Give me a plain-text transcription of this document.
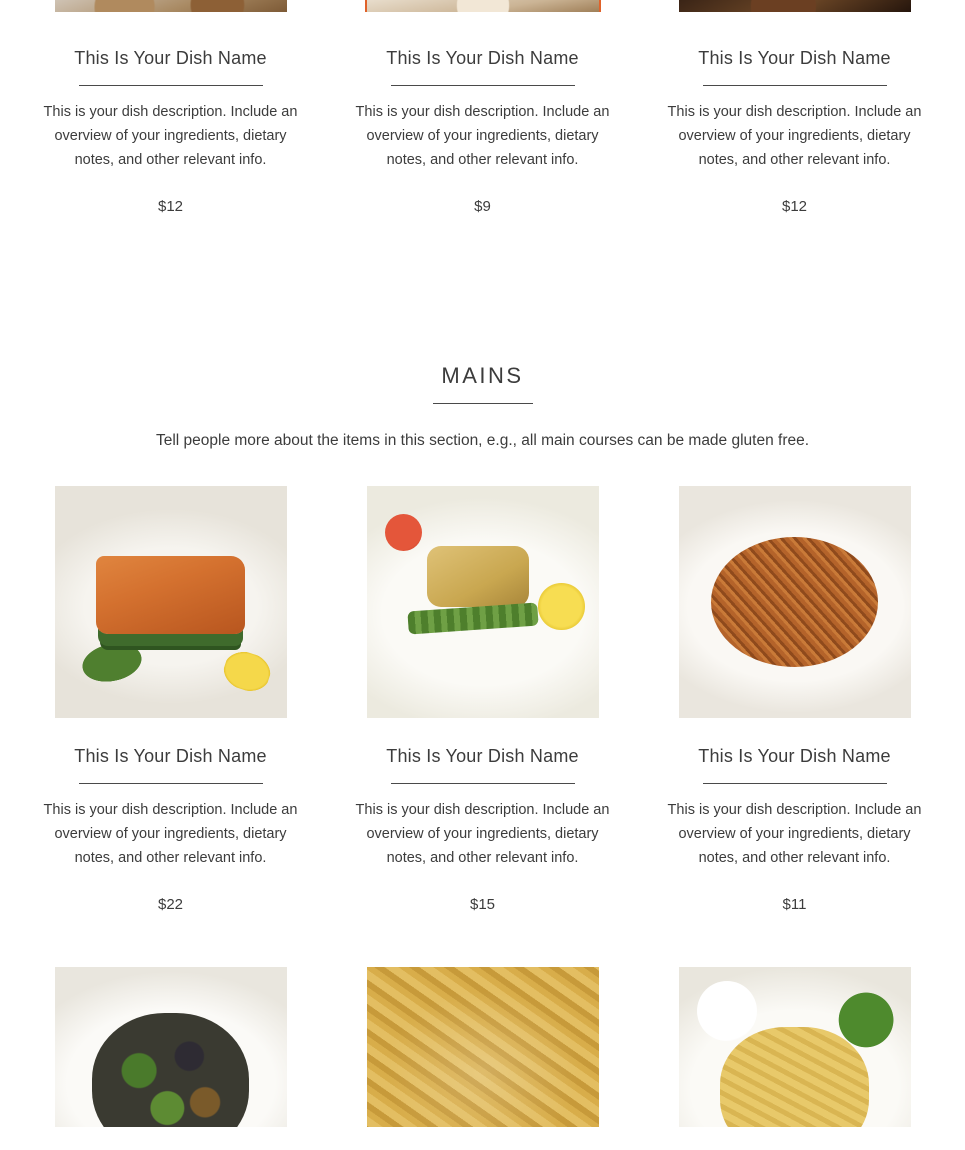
This Is Your Dish Name
This is your dish description. Include an overview of your ingredients, dietary notes, and other relevant info.
$12
This Is Your Dish Name
This is your dish description. Include an overview of your ingredients, dietary notes, and other relevant info.
$9
This Is Your Dish Name
This is your dish description. Include an overview of your ingredients, dietary notes, and other relevant info.
$12
MAINS
Tell people more about the items in this section, e.g., all main courses can be made gluten free.
This Is Your Dish Name
This is your dish description. Include an overview of your ingredients, dietary notes, and other relevant info.
$22
This Is Your Dish Name
This is your dish description. Include an overview of your ingredients, dietary notes, and other relevant info.
$15
This Is Your Dish Name
This is your dish description. Include an overview of your ingredients, dietary notes, and other relevant info.
$11
